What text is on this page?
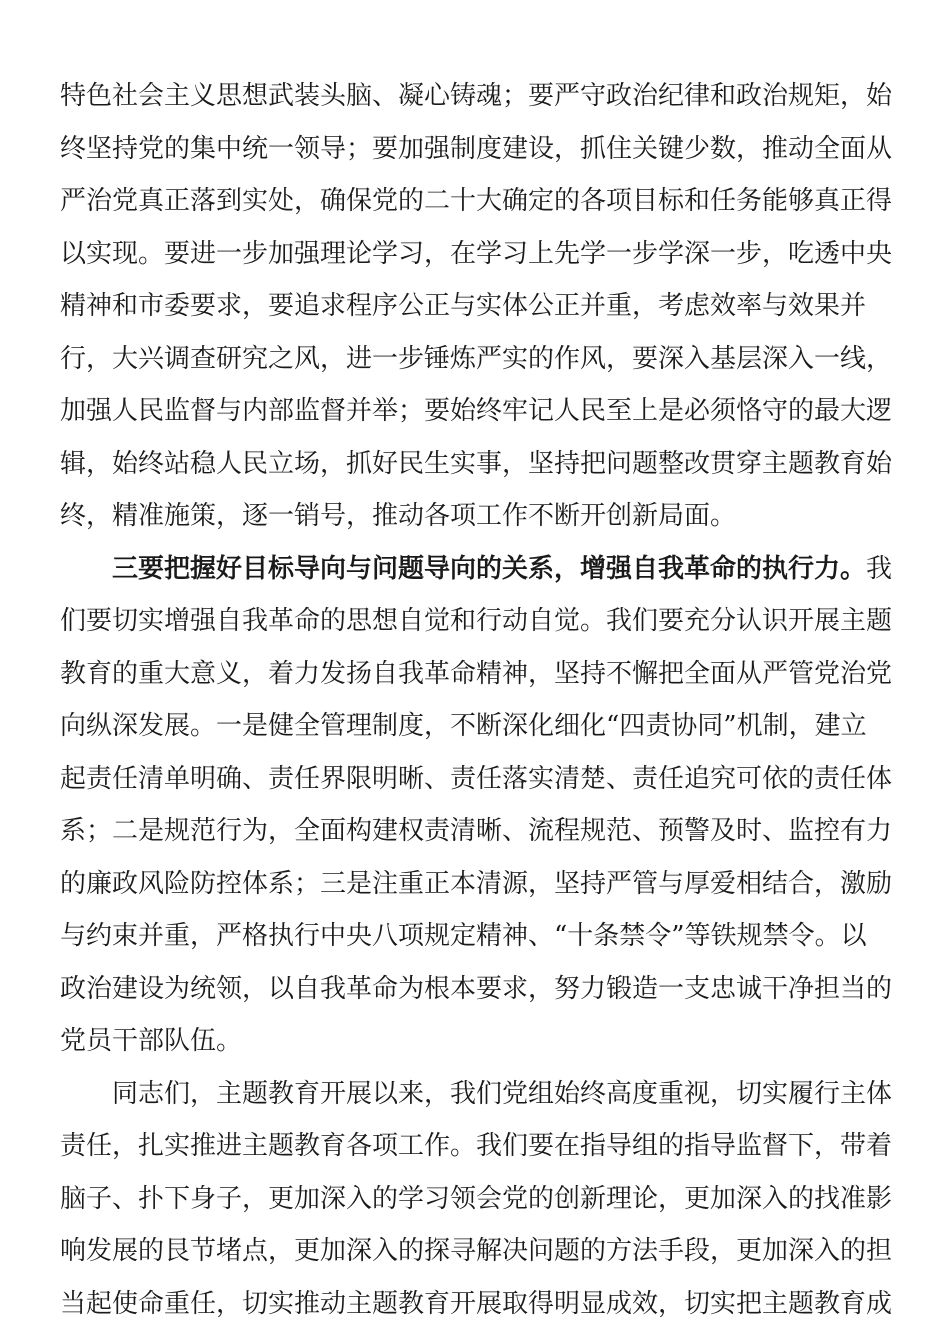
特色社会主义思想武装头脑、凝心铸魂；要严守政治纪律和政治规矩，始
终坚持党的集中统一领导；要加强制度建设，抓住关键少数，推动全面从
严治党真正落到实处，确保党的二十大确定的各项目标和任务能够真正得
以实现。要进一步加强理论学习，在学习上先学一步学深一步，吃透中央
精神和市委要求，要追求程序公正与实体公正并重，考虑效率与效果并
行，大兴调查研究之风，进一步锤炼严实的作风，要深入基层深入一线，
加强人民监督与内部监督并举；要始终牢记人民至上是必须恪守的最大逻
辑，始终站稳人民立场，抓好民生实事，坚持把问题整改贯穿主题教育始
终，精准施策，逐一销号，推动各项工作不断开创新局面。
三要把握好目标导向与问题导向的关系，增强自我革命的执行力。我
们要切实增强自我革命的思想自觉和行动自觉。我们要充分认识开展主题
教育的重大意义，着力发扬自我革命精神，坚持不懈把全面从严管党治党
向纵深发展。一是健全管理制度，不断深化细化“四责协同”机制，建立
起责任清单明确、责任界限明晰、责任落实清楚、责任追究可依的责任体
系；二是规范行为，全面构建权责清晰、流程规范、预警及时、监控有力
的廉政风险防控体系；三是注重正本清源，坚持严管与厚爱相结合，激励
与约束并重，严格执行中央八项规定精神、“十条禁令”等铁规禁令。以
政治建设为统领，以自我革命为根本要求，努力锻造一支忠诚干净担当的
党员干部队伍。
同志们，主题教育开展以来，我们党组始终高度重视，切实履行主体
责任，扎实推进主题教育各项工作。我们要在指导组的指导监督下，带着
脑子、扑下身子，更加深入的学习领会党的创新理论，更加深入的找准影
响发展的艮节堵点，更加深入的探寻解决问题的方法手段，更加深入的担
当起使命重任，切实推动主题教育开展取得明显成效，切实把主题教育成
